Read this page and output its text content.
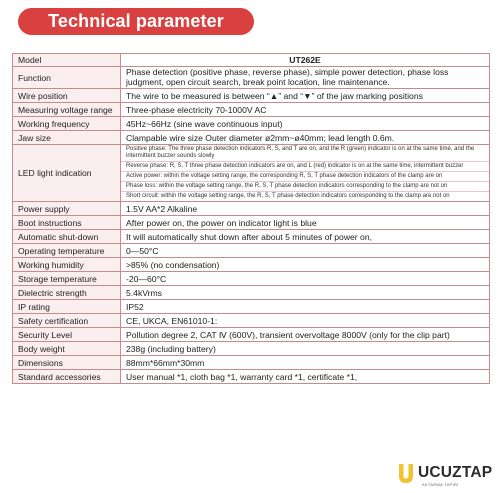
Technical parameter
Model	UT262E
Function	Phase detection (positive phase, reverse phase), simple power detection, phase loss judgment, open circuit search, break point location, line maintenance.
Wire position	The wire to be measured is between “▲” and “▼” of the jaw marking positions
Measuring voltage range	Three-phase electricity 70-1000V AC
Working frequency	45Hz~66Hz (sine wave continuous input)
Jaw size	Clampable wire size Outer diameter ø2mm~ø40mm; lead length 0.6m.
LED light indication	Positive phase: The three phase detection indicators R, S, and T are on, and the R (green) indicator is on at the same time, and the intermittent buzzer sounds slowly
Reverse phase: R, S, T three phase detection indicators are on, and L (red) indicator is on at the same time, intermittent buzzer
Active power: within the voltage setting range, the corresponding R, S, T phase detection indicators of the clamp are on
Phase loss: within the voltage setting range, the R, S, T phase detection indicators corresponding to the clamp are not on
Short circuit: within the voltage setting range, the R, S, T phase detection indicators corresponding to the clamp are not on

Power supply	1.5V AA*2 Alkaline
Boot instructions	After power on, the power on indicator light is blue
Automatic shut-down	It will automatically shut down after about 5 minutes of power on,
Operating temperature	0—50°C
Working humidity	>85% (no condensation)
Storage temperature	-20—60°C
Dielectric strength	5.4kVrms
IP rating	IP52
Safety certification	CE, UKCA, EN61010-1:
Security Level	Pollution degree 2, CAT Ⅳ (600V), transient overvoltage 8000V (only for the clip part)
Body weight	238g (including battery)
Dimensions	88mm*66mm*30mm
Standard accessories	User manual *1, cloth bag *1, warranty card *1, certificate *1,
UCUZTAP
AKTARMA TAPİRİ
